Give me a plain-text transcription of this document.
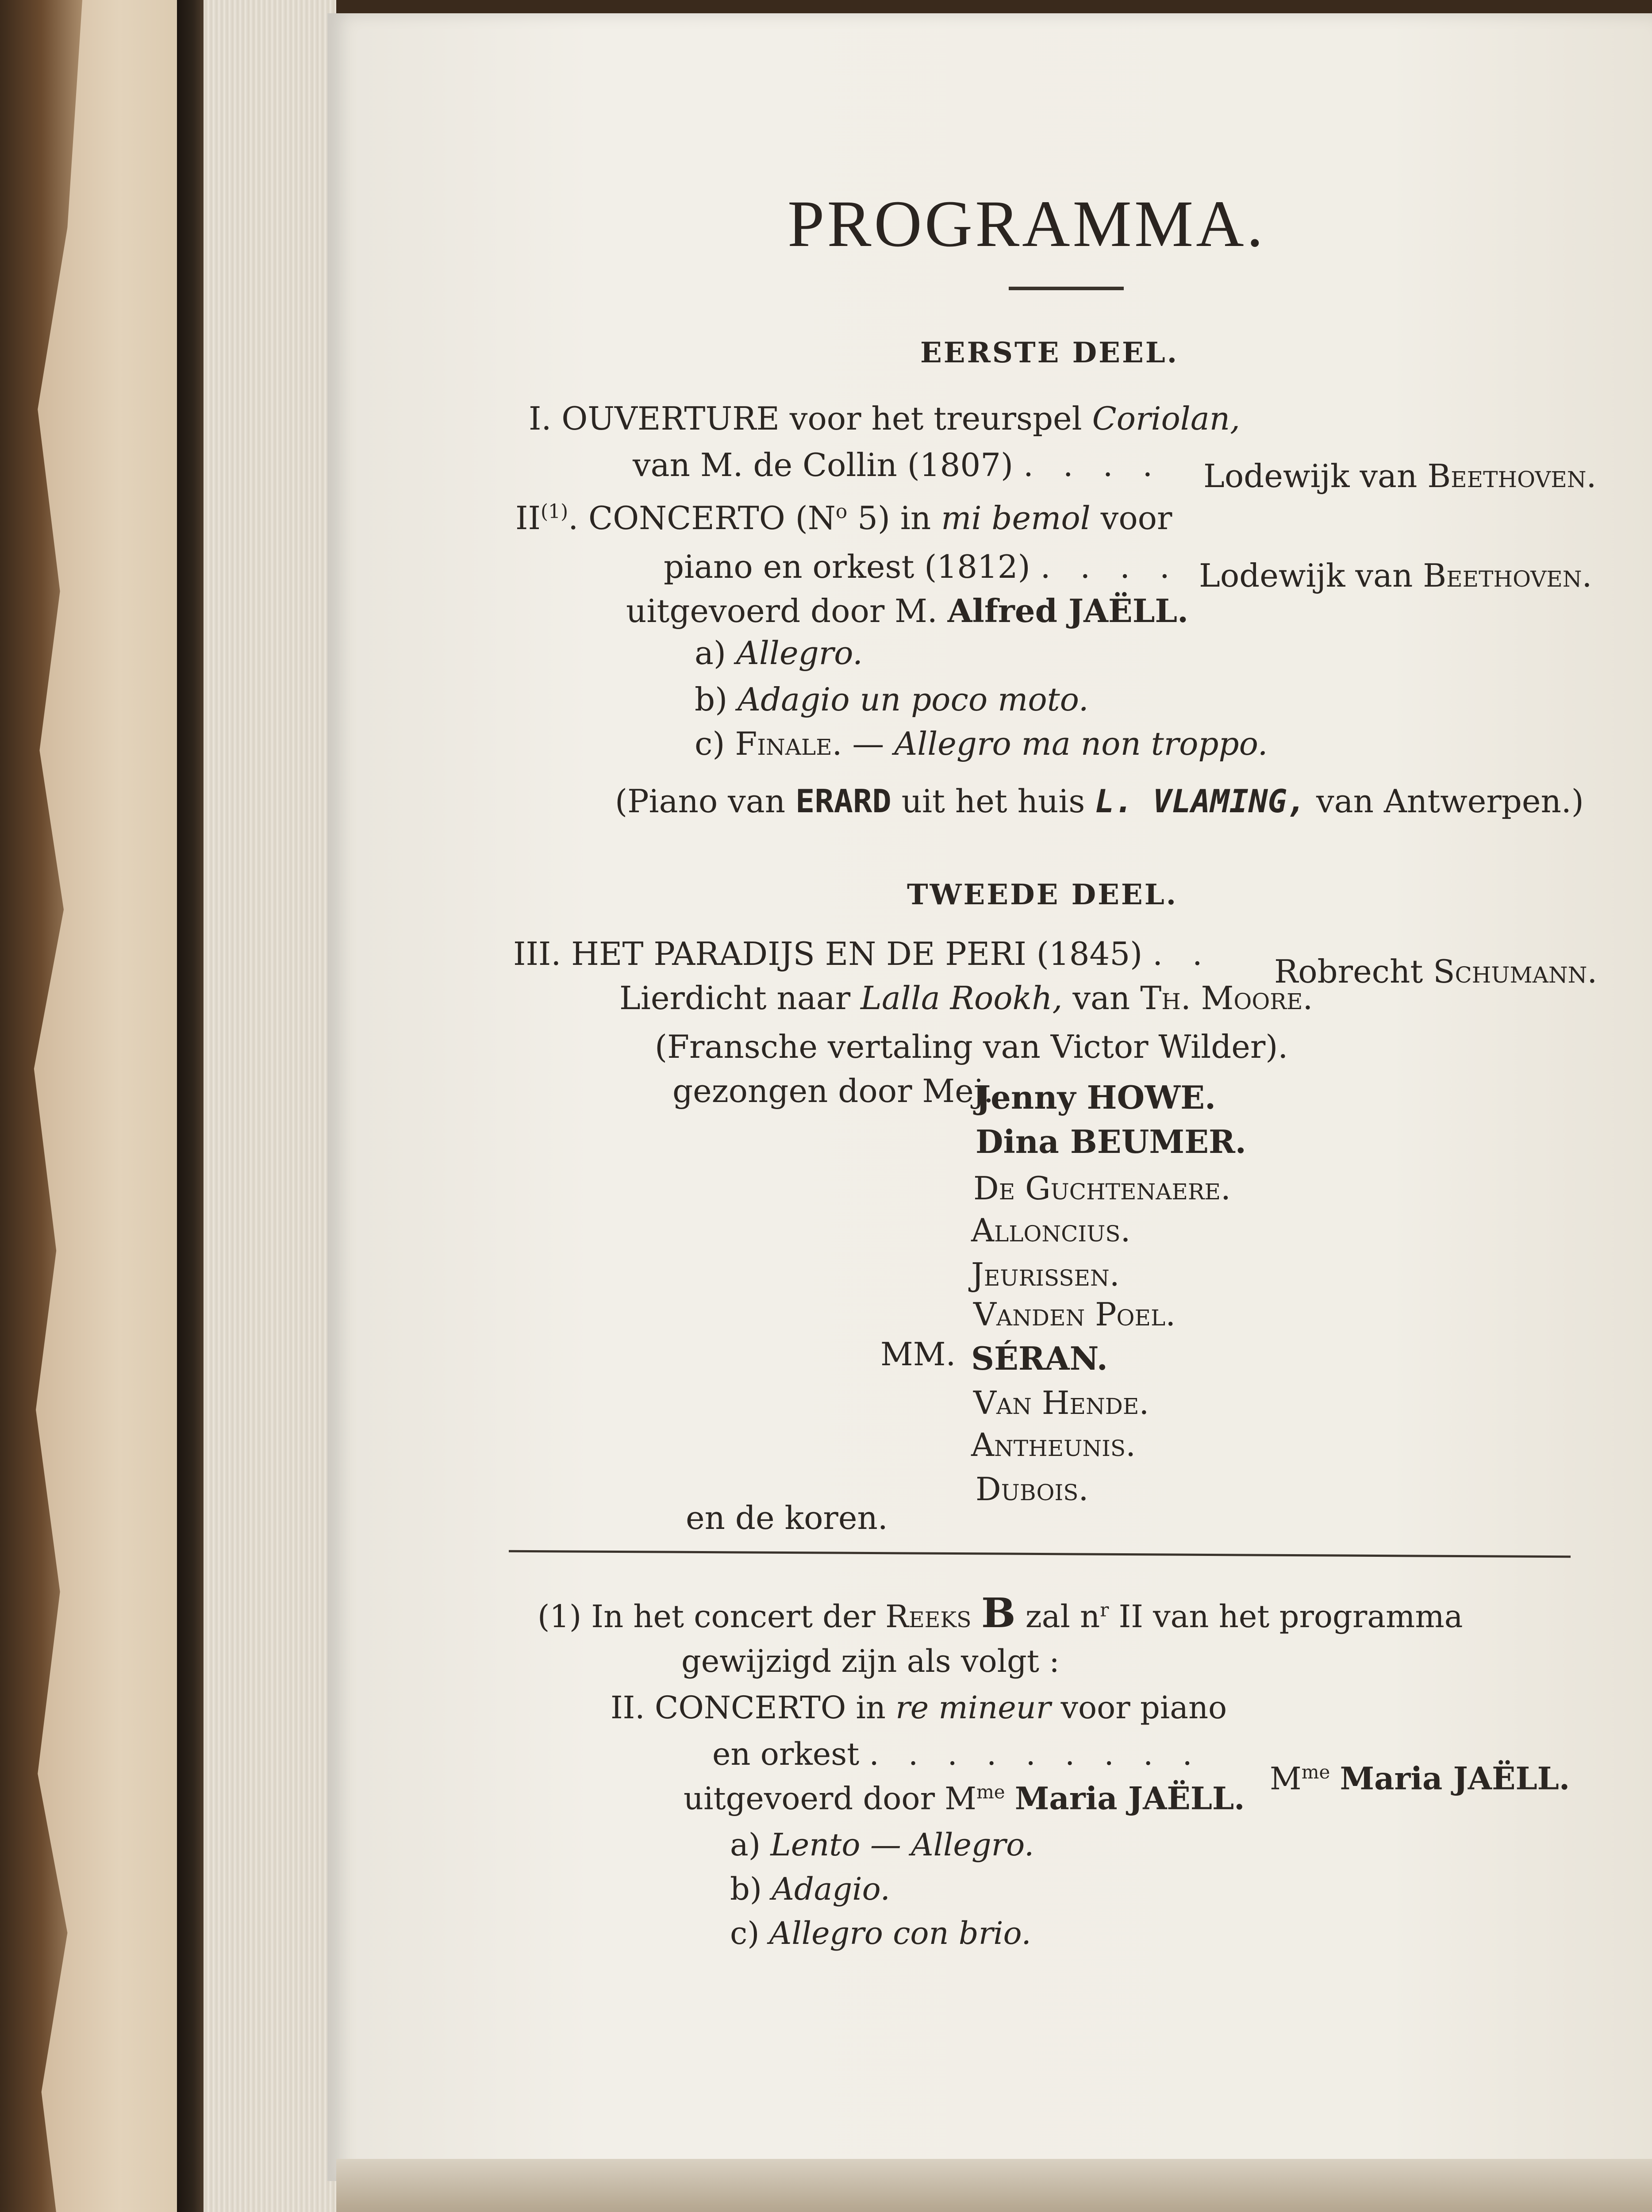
PROGRAMMA.
EERSTE DEEL.
I. OUVERTURE voor het treurspel Coriolan,
van M. de Collin (1807) . . . . Lodewijk van Beethoven.
II$^{(1)}$. CONCERTO ($N^o$ 5) in mi bemol voor
piano en orkest (1812) . . . . Lodewijk van Beethoven.
uitgevoerd door M. Alfred JAËLL.
a) Allegro.
b) Adagio un poco moto.
c) Finale. — Allegro ma non troppo.
(Piano van ERARD uit het huis L. VLAMING, van Antwerpen.)
TWEEDE DEEL.
III. HET PARADIJS EN DE PERI (1845) . . Robrecht Schumann.
Lierdicht naar Lalla Rookh, van Th. Moore.
(Fransche vertaling van Victor Wilder).
gezongen door Mej.
Jenny HOWE.
Dina BEUMER.
De Guchtenaere.
Alloncius.
Jeurissen.
Vanden Poel.
MM. SÉRAN.
Van Hende.
Antheunis.
Dubois.
en de koren.
(1) In het concert der Reeks B zal $n^r$ II van het programma
gewijzigd zijn als volgt :
II. CONCERTO in re mineur voor piano
en orkest . . . . . . . . .
$M^{me}$ Maria JAËLL.
uitgevoerd door $M^{me}$ Maria JAËLL.
a) Lento — Allegro.
b) Adagio.
c) Allegro con brio.
